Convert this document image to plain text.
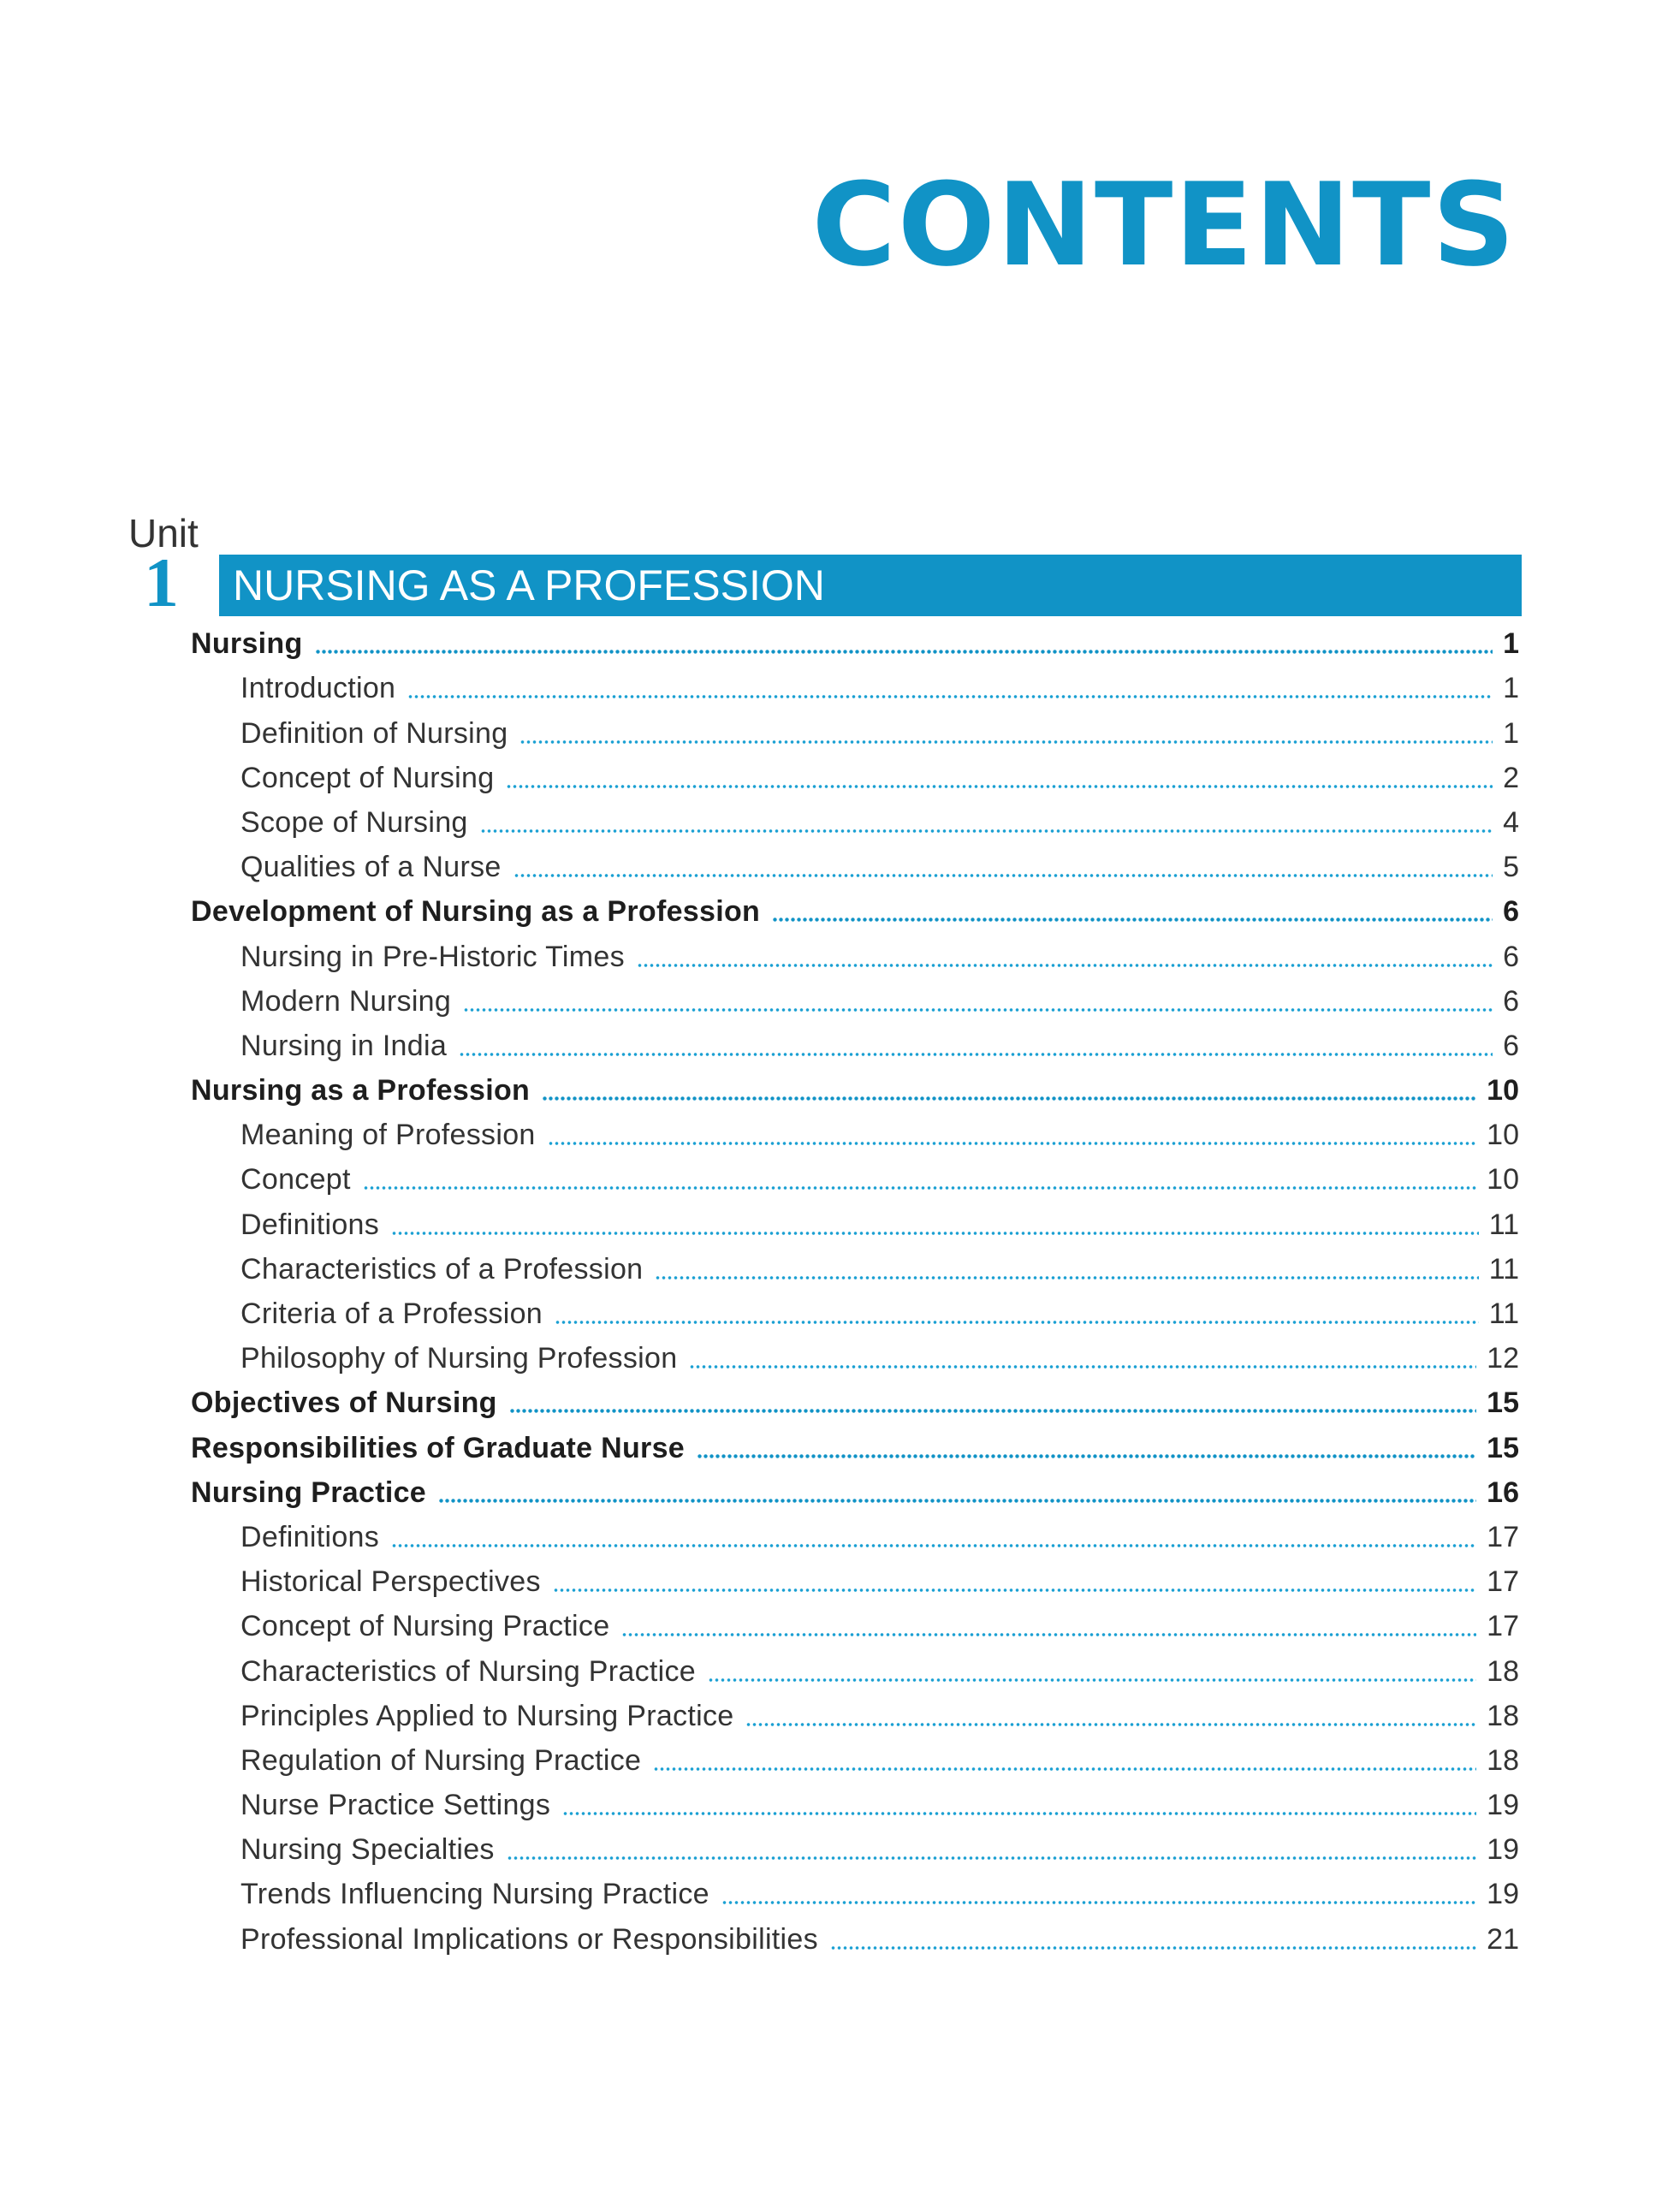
CONTENTS
Unit
1 NURSING AS A PROFESSION
Nursing	1
Introduction	1
Definition of Nursing	1
Concept of Nursing	2
Scope of Nursing	4
Qualities of a Nurse	5
Development of Nursing as a Profession	6
Nursing in Pre-Historic Times	6
Modern Nursing	6
Nursing in India	6
Nursing as a Profession	10
Meaning of Profession	10
Concept	10
Definitions	11
Characteristics of a Profession	11
Criteria of a Profession	11
Philosophy of Nursing Profession	12
Objectives of Nursing	15
Responsibilities of Graduate Nurse	15
Nursing Practice	16
Definitions	17
Historical Perspectives	17
Concept of Nursing Practice	17
Characteristics of Nursing Practice	18
Principles Applied to Nursing Practice	18
Regulation of Nursing Practice	18
Nurse Practice Settings	19
Nursing Specialties	19
Trends Influencing Nursing Practice	19
Professional Implications or Responsibilities	21
